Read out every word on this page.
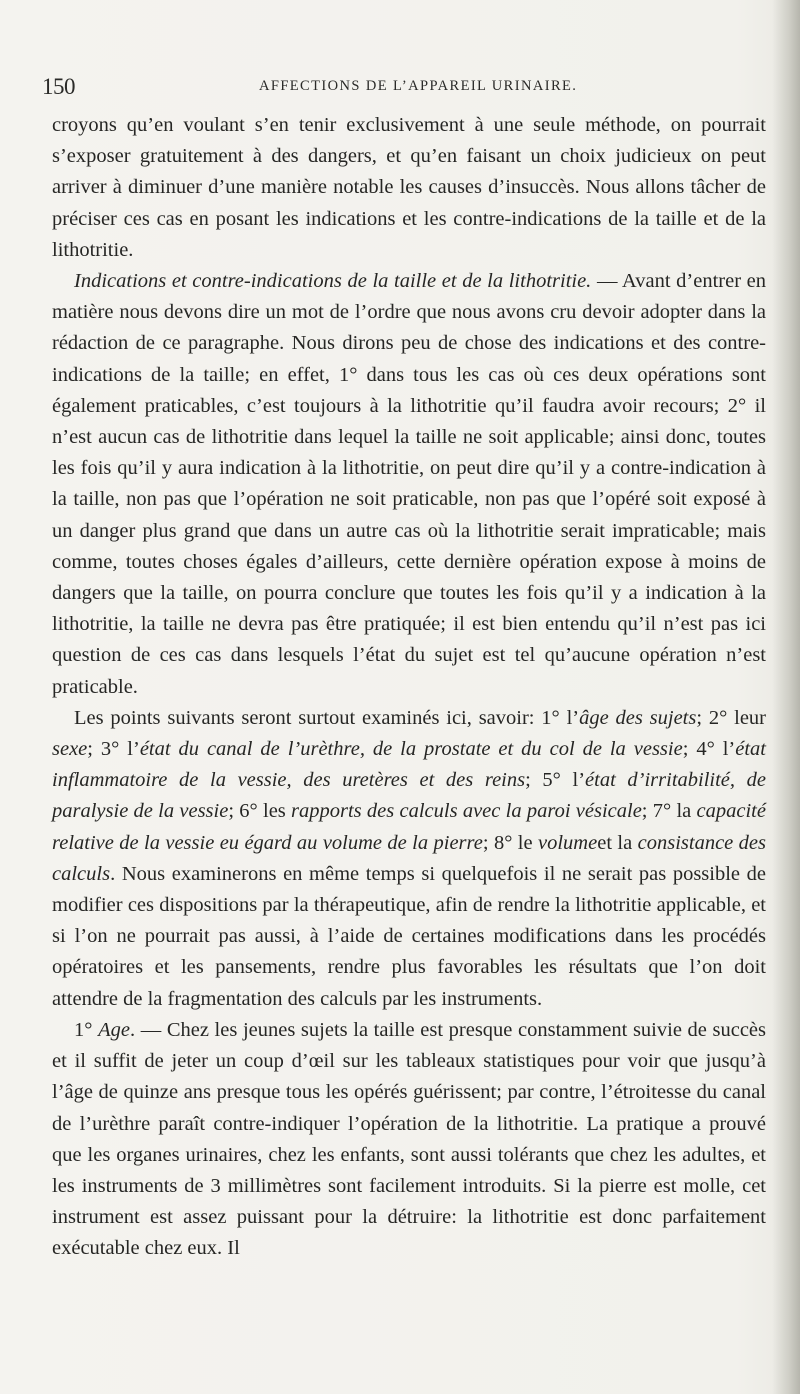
150	AFFECTIONS DE L’APPAREIL URINAIRE.

croyons qu’en voulant s’en tenir exclusivement à une seule méthode, on pourrait s’exposer gratuitement à des dangers, et qu’en faisant un choix judicieux on peut arriver à diminuer d’une manière notable les causes d’insuccès. Nous allons tâcher de préciser ces cas en posant les indications et les contre-indications de la taille et de la lithotritie.

Indications et contre-indications de la taille et de la lithotritie. — Avant d’entrer en matière nous devons dire un mot de l’ordre que nous avons cru devoir adopter dans la rédaction de ce paragraphe. Nous dirons peu de chose des indications et des contre-indications de la taille; en effet, 1° dans tous les cas où ces deux opérations sont également praticables, c’est toujours à la lithotritie qu’il faudra avoir recours; 2° il n’est aucun cas de lithotritie dans lequel la taille ne soit applicable; ainsi donc, toutes les fois qu’il y aura indication à la lithotritie, on peut dire qu’il y a contre-indication à la taille, non pas que l’opération ne soit praticable, non pas que l’opéré soit exposé à un danger plus grand que dans un autre cas où la lithotritie serait impraticable; mais comme, toutes choses égales d’ailleurs, cette dernière opération expose à moins de dangers que la taille, on pourra conclure que toutes les fois qu’il y a indication à la lithotritie, la taille ne devra pas être pratiquée; il est bien entendu qu’il n’est pas ici question de ces cas dans lesquels l’état du sujet est tel qu’aucune opération n’est praticable.

Les points suivants seront surtout examinés ici, savoir: 1° l’âge des sujets; 2° leur sexe; 3° l’état du canal de l’urèthre, de la prostate et du col de la vessie; 4° l’état inflammatoire de la vessie, des uretères et des reins; 5° l’état d’irritabilité, de paralysie de la vessie; 6° les rapports des calculs avec la paroi vésicale; 7° la capacité relative de la vessie eu égard au volume de la pierre; 8° le volumeet la consistance des calculs. Nous examinerons en même temps si quelquefois il ne serait pas possible de modifier ces dispositions par la thérapeutique, afin de rendre la lithotritie applicable, et si l’on ne pourrait pas aussi, à l’aide de certaines modifications dans les procédés opératoires et les pansements, rendre plus favorables les résultats que l’on doit attendre de la fragmentation des calculs par les instruments.

1° Age. — Chez les jeunes sujets la taille est presque constamment suivie de succès et il suffit de jeter un coup d’œil sur les tableaux statistiques pour voir que jusqu’à l’âge de quinze ans presque tous les opérés guérissent; par contre, l’étroitesse du canal de l’urèthre paraît contre-indiquer l’opération de la lithotritie. La pratique a prouvé que les organes urinaires, chez les enfants, sont aussi tolérants que chez les adultes, et les instruments de 3 millimètres sont facilement introduits. Si la pierre est molle, cet instrument est assez puissant pour la détruire: la lithotritie est donc parfaitement exécutable chez eux. Il
